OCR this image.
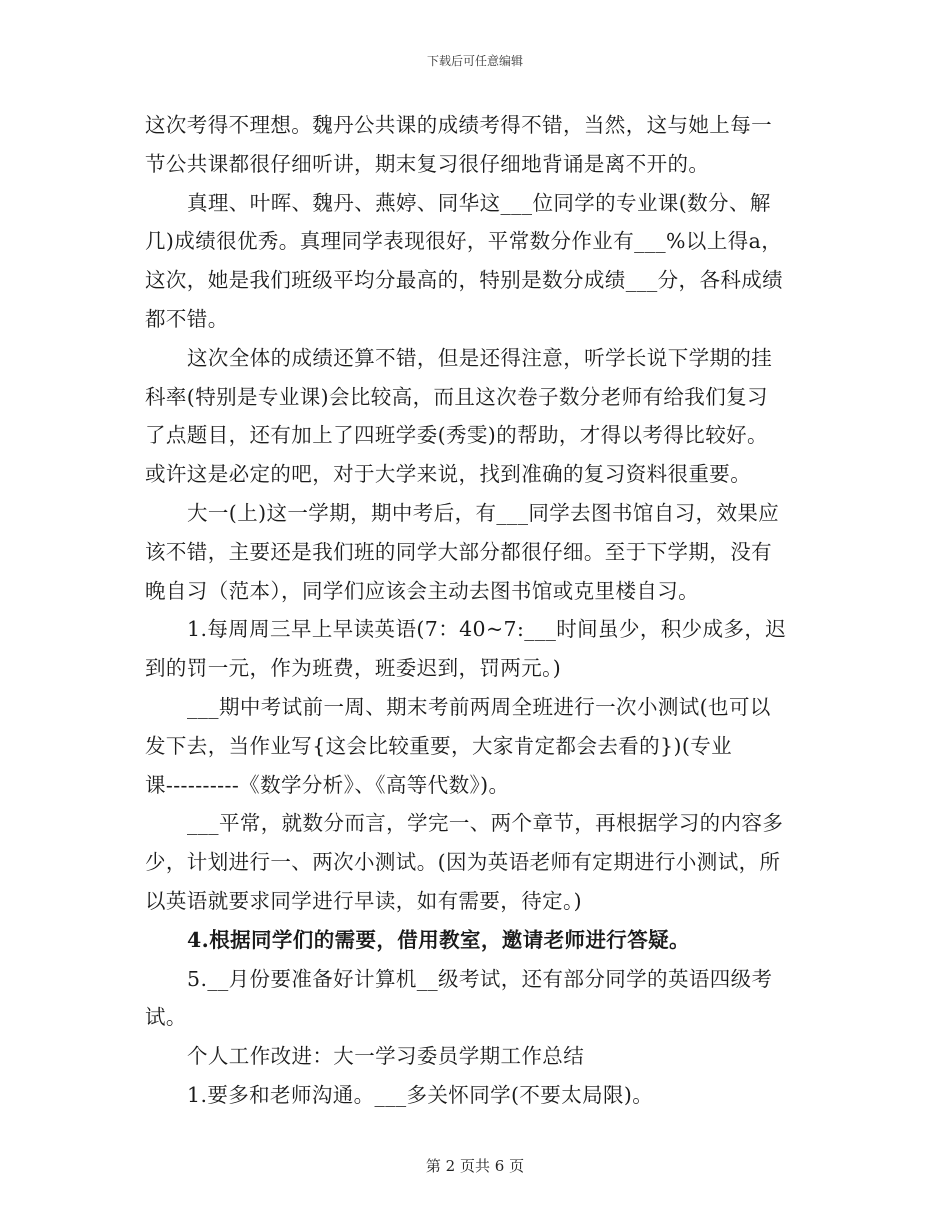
下载后可任意编辑
这次考得不理想。魏丹公共课的成绩考得不错，当然，这与她上每一
节公共课都很仔细听讲，期末复习很仔细地背诵是离不开的。
真理、叶晖、魏丹、燕婷、同华这___位同学的专业课(数分、解
几)成绩很优秀。真理同学表现很好，平常数分作业有___%以上得a，
这次，她是我们班级平均分最高的，特别是数分成绩___分，各科成绩
都不错。
这次全体的成绩还算不错，但是还得注意，听学长说下学期的挂
科率(特别是专业课)会比较高，而且这次卷子数分老师有给我们复习
了点题目，还有加上了四班学委(秀雯)的帮助，才得以考得比较好。
或许这是必定的吧，对于大学来说，找到准确的复习资料很重要。
大一(上)这一学期，期中考后，有___同学去图书馆自习，效果应
该不错，主要还是我们班的同学大部分都很仔细。至于下学期，没有
晚自习（范本），同学们应该会主动去图书馆或克里楼自习。
1.每周周三早上早读英语(7：40~7:___时间虽少，积少成多，迟
到的罚一元，作为班费，班委迟到，罚两元。)
___期中考试前一周、期末考前两周全班进行一次小测试(也可以
发下去，当作业写{这会比较重要，大家肯定都会去看的})(专业
课----------《数学分析》、《高等代数》)。
___平常，就数分而言，学完一、两个章节，再根据学习的内容多
少，计划进行一、两次小测试。(因为英语老师有定期进行小测试，所
以英语就要求同学进行早读，如有需要，待定。)
4.根据同学们的需要，借用教室，邀请老师进行答疑。
5.__月份要准备好计算机__级考试，还有部分同学的英语四级考
试。
个人工作改进：大一学习委员学期工作总结
1.要多和老师沟通。___多关怀同学(不要太局限)。
第 2 页共 6 页
